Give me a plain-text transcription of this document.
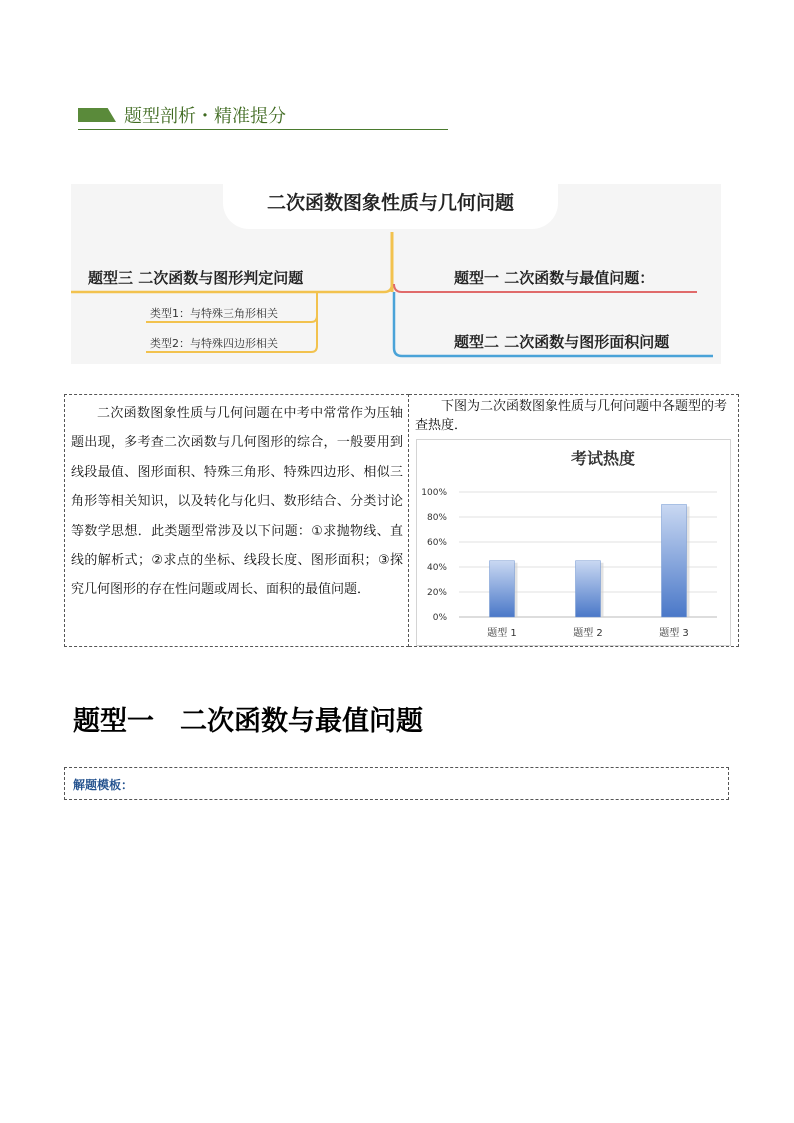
题型剖析・精准提分
二次函数图象性质与几何问题
题型三 二次函数与图形判定问题	题型一 二次函数与最值问题：
题型二 二次函数与图形面积问题
类型1：与特殊三角形相关
类型2：与特殊四边形相关
二次函数图象性质与几何问题在中考中常常作为压轴题出现，多考查二次函数与几何图形的综合，一般要用到线段最值、图形面积、特殊三角形、特殊四边形、相似三角形等相关知识，以及转化与化归、数形结合、分类讨论等数学思想．此类题型常涉及以下问题：①求抛物线、直线的解析式；②求点的坐标、线段长度、图形面积；③探究几何图形的存在性问题或周长、面积的最值问题．
下图为二次函数图象性质与几何问题中各题型的考查热度．
考试热度
0%
20%
40%
60%
80%
100%
题型 1	题型 2	题型 3
题型一 二次函数与最值问题
解题模板：
